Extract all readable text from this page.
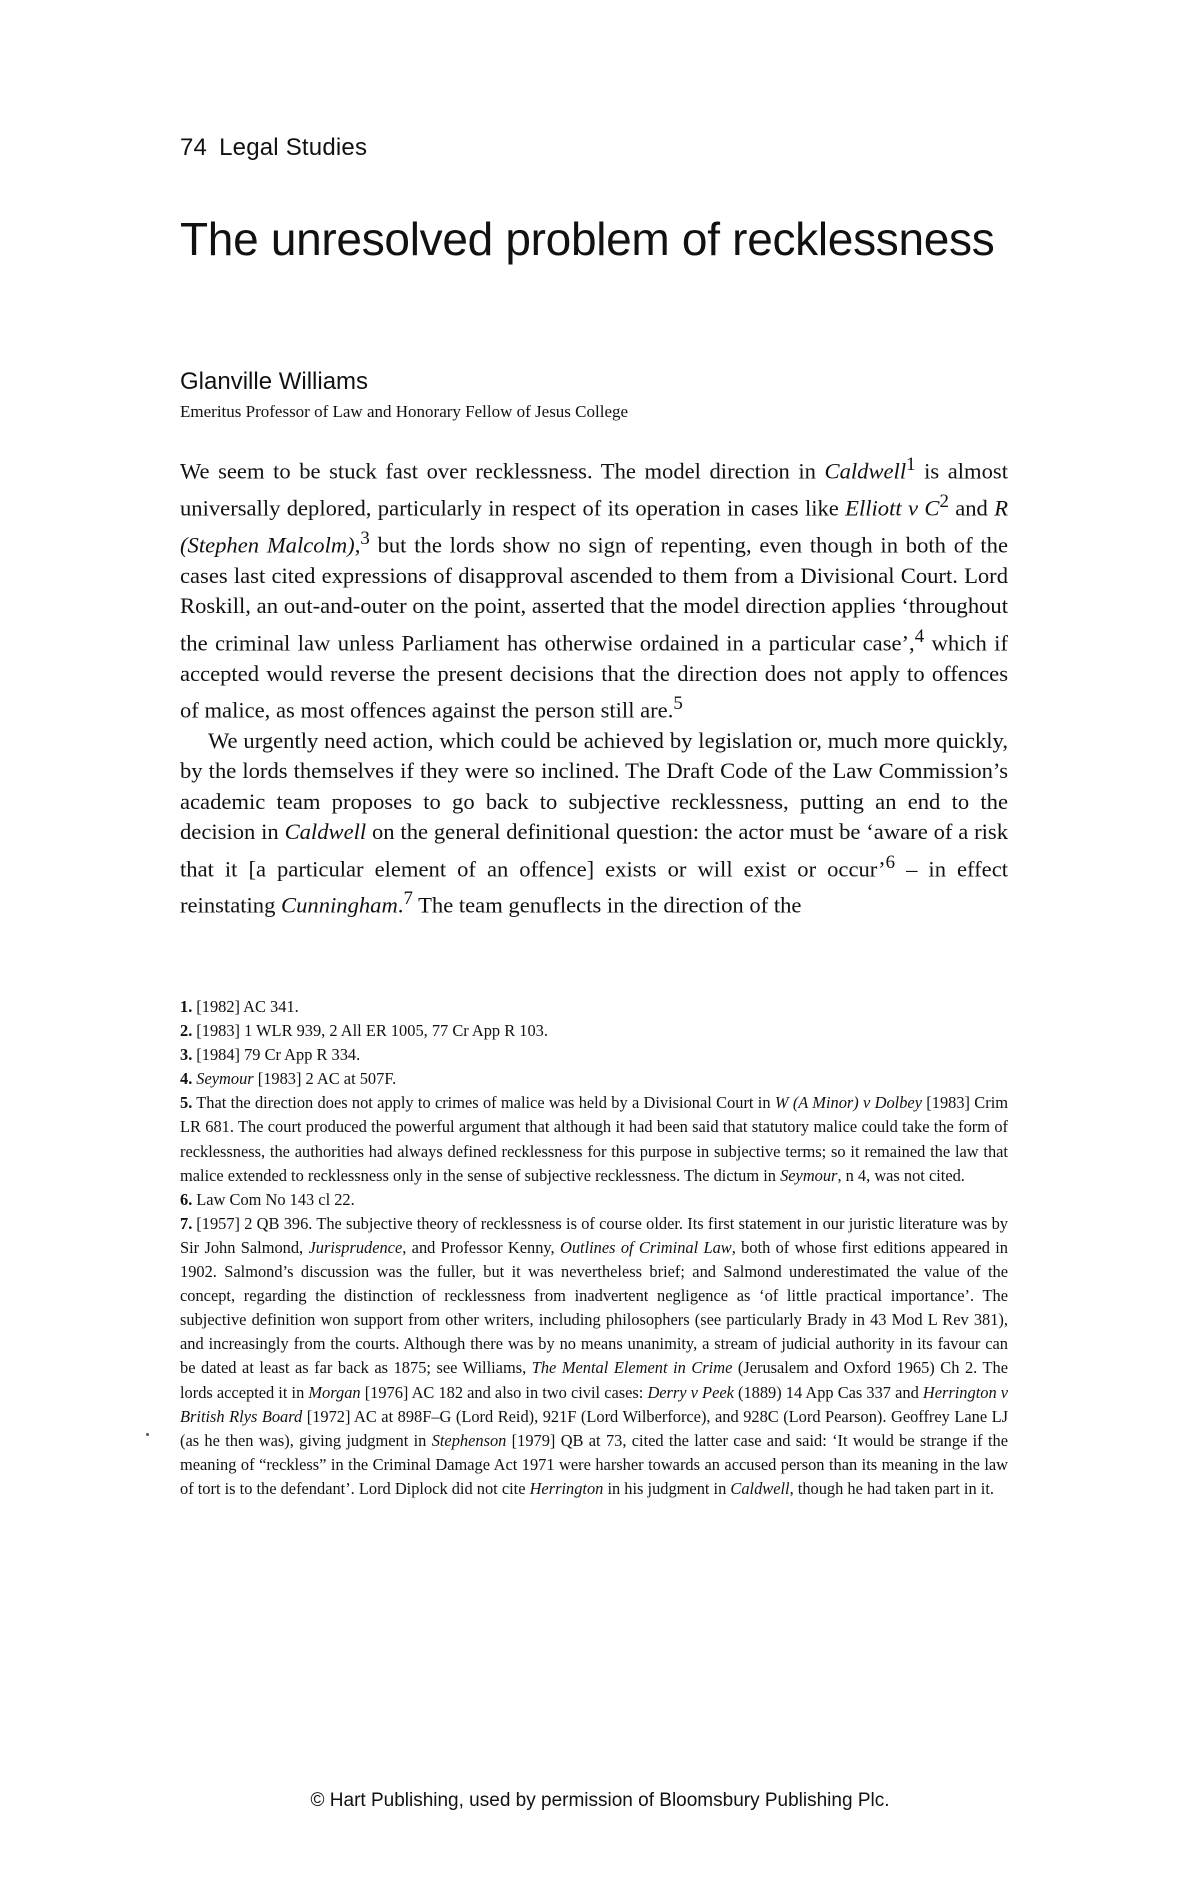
74 Legal Studies
The unresolved problem of recklessness
Glanville Williams
Emeritus Professor of Law and Honorary Fellow of Jesus College

We seem to be stuck fast over recklessness. The model direction in Caldwell$^1$ is almost universally deplored, particularly in respect of its operation in cases like Elliott v $C^2$ and R (Stephen Malcolm),$^3$ but the lords show no sign of repenting, even though in both of the cases last cited expressions of disapproval ascended to them from a Divisional Court. Lord Roskill, an out-and-outer on the point, asserted that the model direction applies ‘throughout the criminal law unless Parliament has otherwise ordained in a particular case’,$^4$ which if accepted would reverse the present decisions that the direction does not apply to offences of malice, as most offences against the person still are.$^5$

We urgently need action, which could be achieved by legislation or, much more quickly, by the lords themselves if they were so inclined. The Draft Code of the Law Commission’s academic team proposes to go back to subjective recklessness, putting an end to the decision in Caldwell on the general definitional question: the actor must be ‘aware of a risk that it [a particular element of an offence] exists or will exist or occur’$^6$ – in effect reinstating Cunningham.$^7$ The team genuflects in the direction of the

1. [1982] AC 341.

2. [1983] 1 WLR 939, 2 All ER 1005, 77 Cr App R 103.

3. [1984] 79 Cr App R 334.

4. Seymour [1983] 2 AC at 507F.

5. That the direction does not apply to crimes of malice was held by a Divisional Court in W (A Minor) v Dolbey [1983] Crim LR 681. The court produced the powerful argument that although it had been said that statutory malice could take the form of recklessness, the authorities had always defined recklessness for this purpose in subjective terms; so it remained the law that malice extended to recklessness only in the sense of subjective recklessness. The dictum in Seymour, n 4, was not cited.

6. Law Com No 143 cl 22.

7. [1957] 2 QB 396. The subjective theory of recklessness is of course older. Its first statement in our juristic literature was by Sir John Salmond, Jurisprudence, and Professor Kenny, Outlines of Criminal Law, both of whose first editions appeared in 1902. Salmond’s discussion was the fuller, but it was nevertheless brief; and Salmond underestimated the value of the concept, regarding the distinction of recklessness from inadvertent negligence as ‘of little practical importance’. The subjective definition won support from other writers, including philosophers (see particularly Brady in 43 Mod L Rev 381), and increasingly from the courts. Although there was by no means unanimity, a stream of judicial authority in its favour can be dated at least as far back as 1875; see Williams, The Mental Element in Crime (Jerusalem and Oxford 1965) Ch 2. The lords accepted it in Morgan [1976] AC 182 and also in two civil cases: Derry v Peek (1889) 14 App Cas 337 and Herrington v British Rlys Board [1972] AC at 898F–G (Lord Reid), 921F (Lord Wilberforce), and 928C (Lord Pearson). Geoffrey Lane LJ (as he then was), giving judgment in Stephenson [1979] QB at 73, cited the latter case and said: ‘It would be strange if the meaning of “reckless” in the Criminal Damage Act 1971 were harsher towards an accused person than its meaning in the law of tort is to the defendant’. Lord Diplock did not cite Herrington in his judgment in Caldwell, though he had taken part in it.

© Hart Publishing, used by permission of Bloomsbury Publishing Plc.
